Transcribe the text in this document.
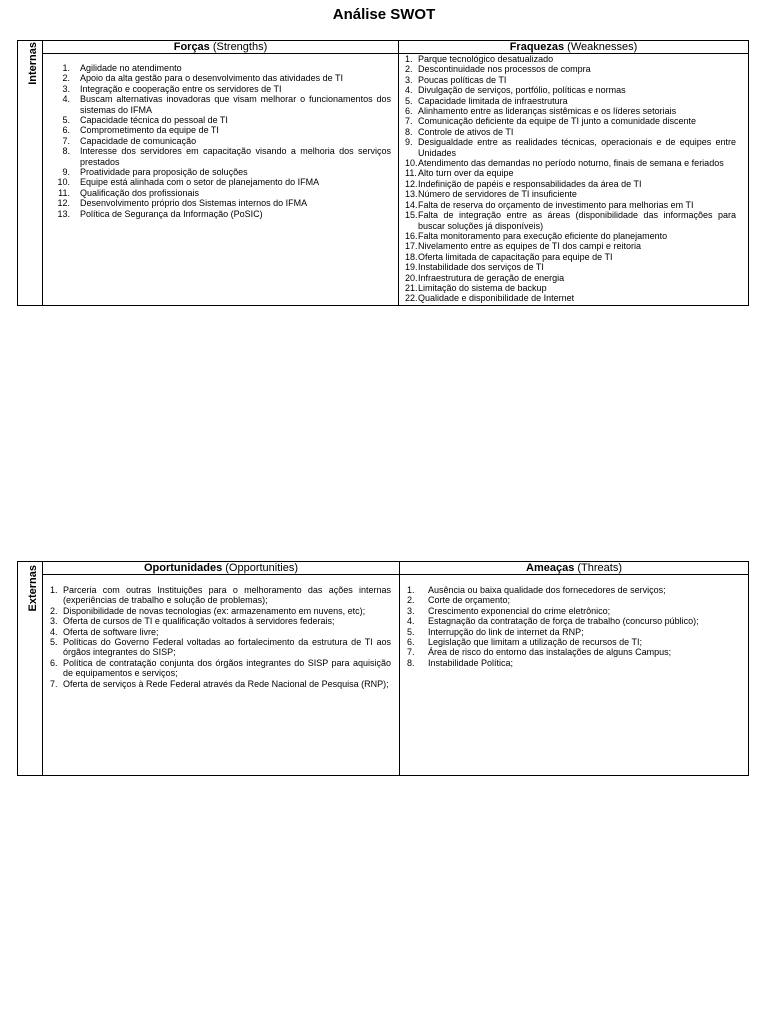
Análise SWOT
Internas	Forças (Strengths)	Fraquezas (Weaknesses)
1.	Agilidade no atendimento
2.	Apoio da alta gestão para o desenvolvimento das atividades de TI
3.	Integração e cooperação entre os servidores de TI
4.	Buscam alternativas inovadoras que visam melhorar o funcionamentos dos sistemas do IFMA
5.	Capacidade técnica do pessoal de TI
6.	Comprometimento da equipe de TI
7.	Capacidade de comunicação
8.	Interesse dos servidores em capacitação visando a melhoria dos serviços prestados
9.	Proatividade para proposição de soluções
10.	Equipe está alinhada com o setor de planejamento do IFMA
11.	Qualificação dos profissionais
12.	Desenvolvimento próprio dos Sistemas internos do IFMA
13.	Política de Segurança da Informação (PoSIC)
1. Parque tecnológico desatualizado
2. Descontinuidade nos processos de compra
3. Poucas políticas de TI
4. Divulgação de serviços, portfólio, políticas e normas
5. Capacidade limitada de infraestrutura
6. Alinhamento entre as lideranças sistêmicas e os líderes setoriais
7. Comunicação deficiente da equipe de TI junto a comunidade discente
8. Controle de ativos de TI
9. Desigualdade entre as realidades técnicas, operacionais e de equipes entre Unidades
10. Atendimento das demandas no período noturno, finais de semana e feriados
11. Alto turn over da equipe
12. Indefinição de papéis e responsabilidades da área de TI
13. Número de servidores de TI insuficiente
14. Falta de reserva do orçamento de investimento para melhorias em TI
15. Falta de integração entre as áreas (disponibilidade das informações para buscar soluções já disponíveis)
16. Falta monitoramento para execução eficiente do planejamento
17. Nivelamento entre as equipes de TI dos campi e reitoria
18. Oferta limitada de capacitação para equipe de TI
19. Instabilidade dos serviços de TI
20. Infraestrutura de geração de energia
21. Limitação do sistema de backup
22. Qualidade e disponibilidade de Internet
Externas	Oportunidades (Opportunities)	Ameaças (Threats)
1. Parceria com outras Instituições para o melhoramento das ações internas (experiências de trabalho e solução de problemas);
2. Disponibilidade de novas tecnologias (ex: armazenamento em nuvens, etc);
3. Oferta de cursos de TI e qualificação voltados à servidores federais;
4. Oferta de software livre;
5. Políticas do Governo Federal voltadas ao fortalecimento da estrutura de TI aos órgãos integrantes do SISP;
6. Política de contratação conjunta dos órgãos integrantes do SISP para aquisição de equipamentos e serviços;
7. Oferta de serviços à Rede Federal através da Rede Nacional de Pesquisa (RNP);
1.	Ausência ou baixa qualidade dos fornecedores de serviços;
2.	Corte de orçamento;
3.	Crescimento exponencial do crime eletrônico;
4.	Estagnação da contratação de força de trabalho (concurso público);
5.	Interrupção do link de internet da RNP;
6.	Legislação que limitam a utilização de recursos de TI;
7.	Área de risco do entorno das instalações de alguns Campus;
8.	Instabilidade Política;
